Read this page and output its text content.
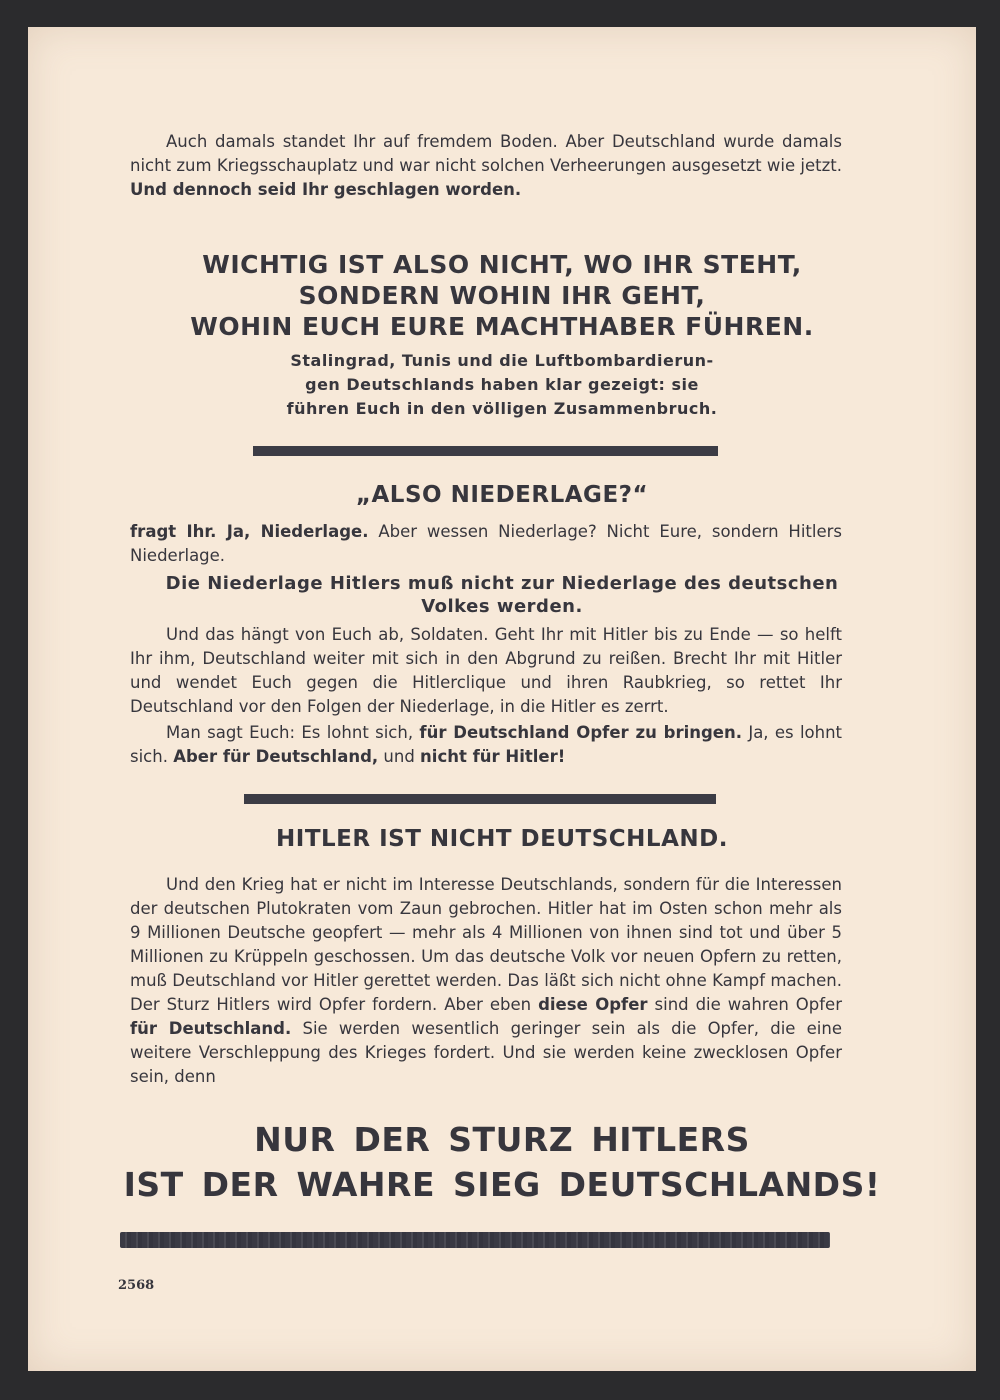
Auch damals standet Ihr auf fremdem Boden. Aber Deutschland wurde damals nicht zum Kriegsschauplatz und war nicht solchen Verheerungen ausgesetzt wie jetzt. Und dennoch seid Ihr geschlagen worden.

WICHTIG IST ALSO NICHT, WO IHR STEHT,
SONDERN WOHIN IHR GEHT,
WOHIN EUCH EURE MACHTHABER FÜHREN.
Stalingrad, Tunis und die Luftbombardierun-
gen Deutschlands haben klar gezeigt: sie
führen Euch in den völligen Zusammenbruch.
„ALSO NIEDERLAGE?“

fragt Ihr. Ja, Niederlage. Aber wessen Niederlage? Nicht Eure, sondern Hitlers Niederlage.

Die Niederlage Hitlers muß nicht zur Niederlage des deutschen
Volkes werden.

Und das hängt von Euch ab, Soldaten. Geht Ihr mit Hitler bis zu Ende — so helft Ihr ihm, Deutschland weiter mit sich in den Abgrund zu reißen. Brecht Ihr mit Hitler und wendet Euch gegen die Hitlerclique und ihren Raubkrieg, so rettet Ihr Deutschland vor den Folgen der Niederlage, in die Hitler es zerrt.

Man sagt Euch: Es lohnt sich, für Deutschland Opfer zu bringen. Ja, es lohnt sich. Aber für Deutschland, und nicht für Hitler!

HITLER IST NICHT DEUTSCHLAND.

Und den Krieg hat er nicht im Interesse Deutschlands, sondern für die Interessen der deutschen Plutokraten vom Zaun gebrochen. Hitler hat im Osten schon mehr als 9 Millionen Deutsche geopfert — mehr als 4 Millionen von ihnen sind tot und über 5 Millionen zu Krüppeln geschossen. Um das deutsche Volk vor neuen Opfern zu retten, muß Deutschland vor Hitler gerettet werden. Das läßt sich nicht ohne Kampf machen. Der Sturz Hitlers wird Opfer fordern. Aber eben diese Opfer sind die wahren Opfer für Deutschland. Sie werden wesentlich geringer sein als die Opfer, die eine weitere Verschleppung des Krieges fordert. Und sie werden keine zwecklosen Opfer sein, denn

NUR DER STURZ HITLERS
IST DER WAHRE SIEG DEUTSCHLANDS!
2568
